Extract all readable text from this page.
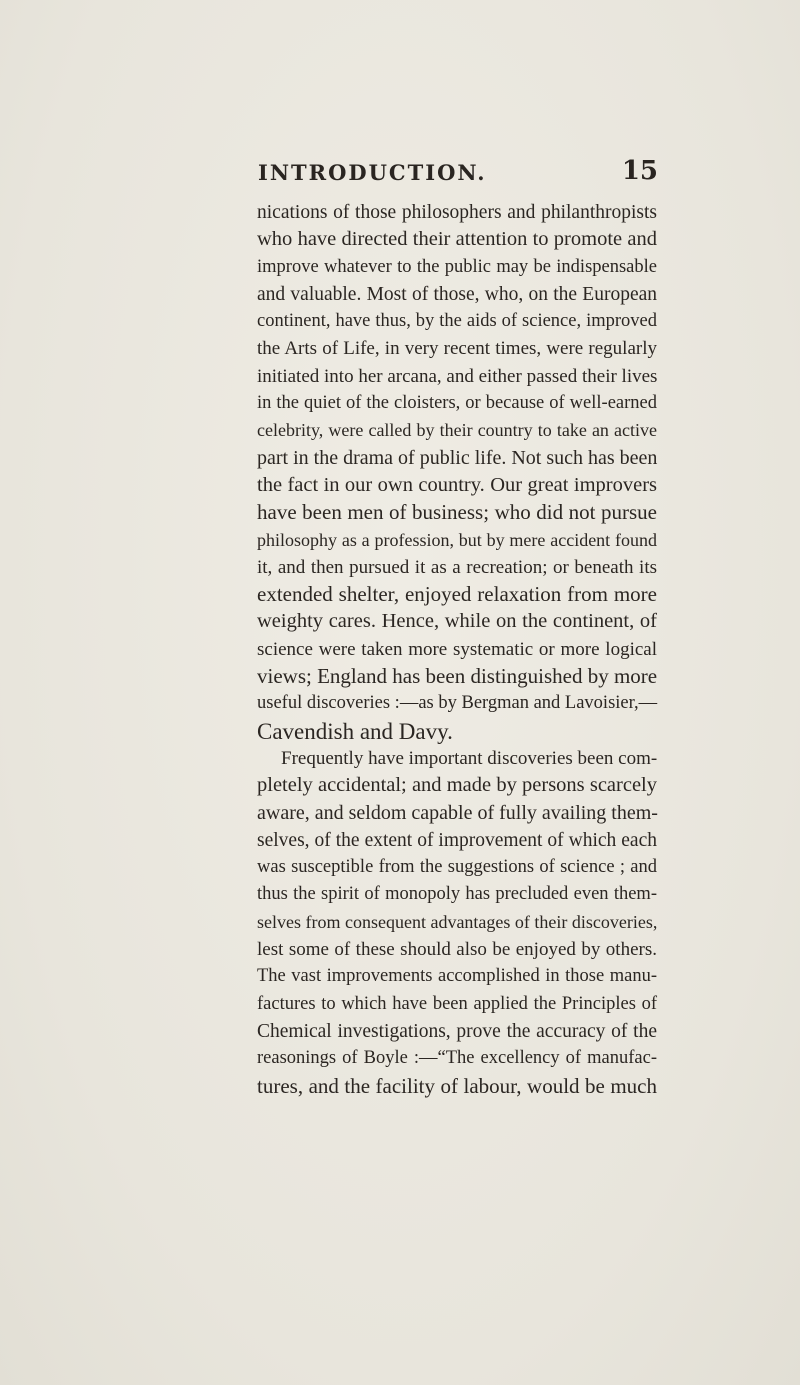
INTRODUCTION.	15
nications of those philosophers and philanthropists
who have directed their attention to promote and
improve whatever to the public may be indispensable
and valuable. Most of those, who, on the European
continent, have thus, by the aids of science, improved
the Arts of Life, in very recent times, were regularly
initiated into her arcana, and either passed their lives
in the quiet of the cloisters, or because of well-earned
celebrity, were called by their country to take an active
part in the drama of public life. Not such has been
the fact in our own country. Our great improvers
have been men of business; who did not pursue
philosophy as a profession, but by mere accident found
it, and then pursued it as a recreation; or beneath its
extended shelter, enjoyed relaxation from more
weighty cares. Hence, while on the continent, of
science were taken more systematic or more logical
views; England has been distinguished by more
useful discoveries :—as by Bergman and Lavoisier,—
Cavendish and Davy.
Frequently have important discoveries been com-
pletely accidental; and made by persons scarcely
aware, and seldom capable of fully availing them-
selves, of the extent of improvement of which each
was susceptible from the suggestions of science ; and
thus the spirit of monopoly has precluded even them-
selves from consequent advantages of their discoveries,
lest some of these should also be enjoyed by others.
The vast improvements accomplished in those manu-
factures to which have been applied the Principles of
Chemical investigations, prove the accuracy of the
reasonings of Boyle :—“The excellency of manufac-
tures, and the facility of labour, would be much
